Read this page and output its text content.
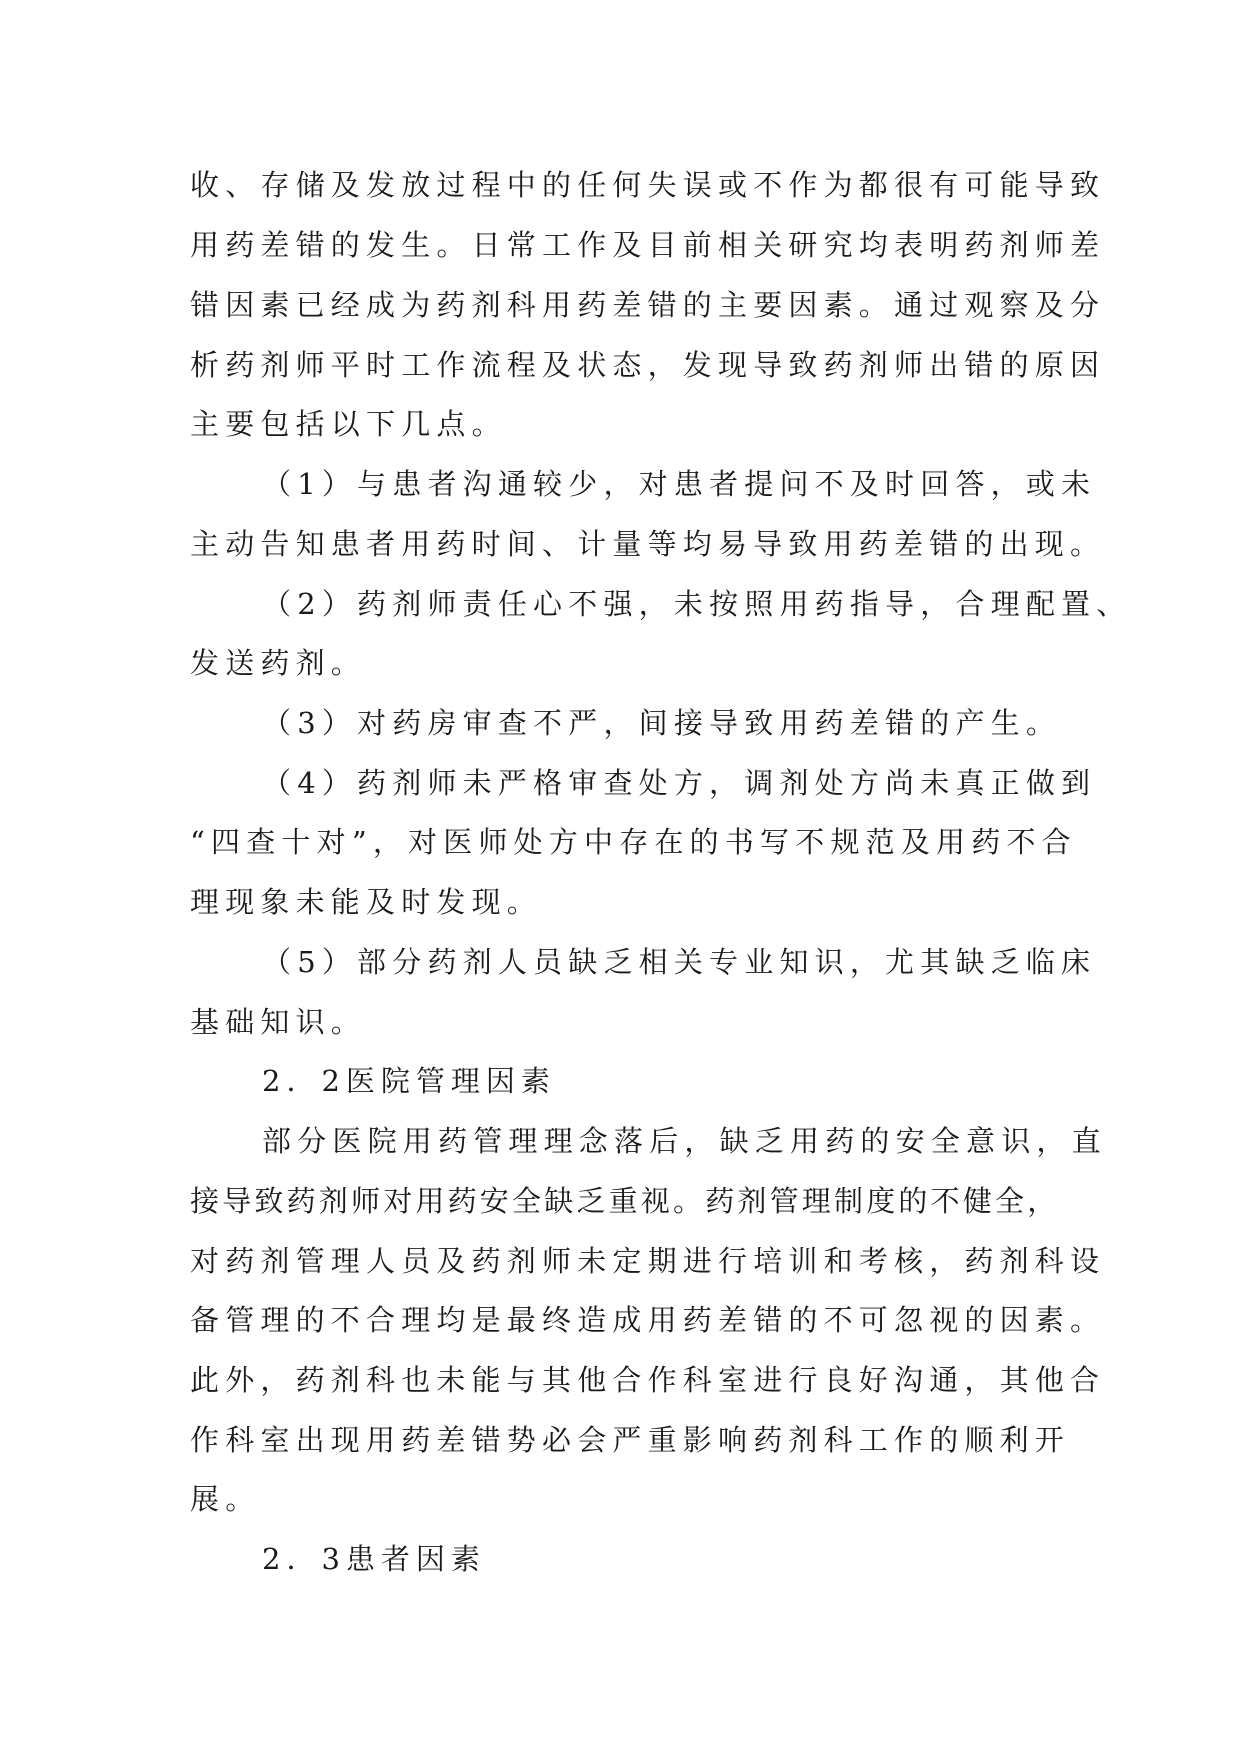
收、存储及发放过程中的任何失误或不作为都很有可能导致
用药差错的发生。日常工作及目前相关研究均表明药剂师差
错因素已经成为药剂科用药差错的主要因素。通过观察及分
析药剂师平时工作流程及状态，发现导致药剂师出错的原因
主要包括以下几点。
（1）与患者沟通较少，对患者提问不及时回答，或未
主动告知患者用药时间、计量等均易导致用药差错的出现。
（2）药剂师责任心不强，未按照用药指导，合理配置、
发送药剂。
（3）对药房审查不严，间接导致用药差错的产生。
（4）药剂师未严格审查处方，调剂处方尚未真正做到
“四查十对”，对医师处方中存在的书写不规范及用药不合
理现象未能及时发现。
（5）部分药剂人员缺乏相关专业知识，尤其缺乏临床
基础知识。
2．2医院管理因素
部分医院用药管理理念落后，缺乏用药的安全意识，直
接导致药剂师对用药安全缺乏重视。药剂管理制度的不健全，
对药剂管理人员及药剂师未定期进行培训和考核，药剂科设
备管理的不合理均是最终造成用药差错的不可忽视的因素。
此外，药剂科也未能与其他合作科室进行良好沟通，其他合
作科室出现用药差错势必会严重影响药剂科工作的顺利开
展。
2．3患者因素
